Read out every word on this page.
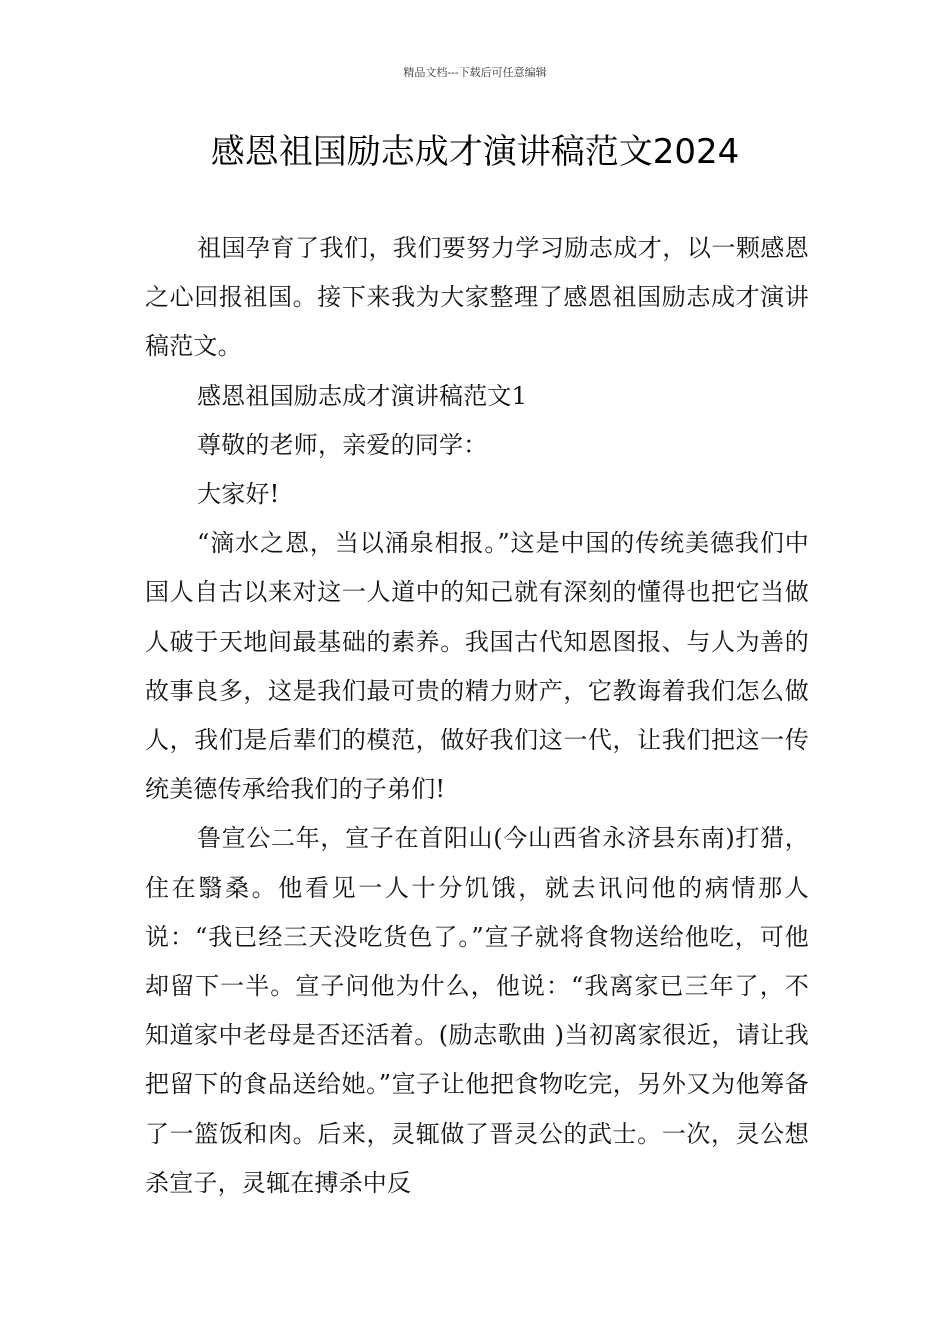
精品文档---下载后可任意编辑
感恩祖国励志成才演讲稿范文2024

祖国孕育了我们，我们要努力学习励志成才，以一颗感恩之心回报祖国。接下来我为大家整理了感恩祖国励志成才演讲稿范文。

感恩祖国励志成才演讲稿范文1

尊敬的老师，亲爱的同学：

大家好!

“滴水之恩，当以涌泉相报。”这是中国的传统美德我们中国人自古以来对这一人道中的知己就有深刻的懂得也把它当做人破于天地间最基础的素养。我国古代知恩图报、与人为善的故事良多，这是我们最可贵的精力财产，它教诲着我们怎么做人，我们是后辈们的模范，做好我们这一代，让我们把这一传统美德传承给我们的子弟们!

鲁宣公二年，宣子在首阳山(今山西省永济县东南)打猎，住在翳桑。他看见一人十分饥饿，就去讯问他的病情那人说：“我已经三天没吃货色了。”宣子就将食物送给他吃，可他却留下一半。宣子问他为什么，他说：“我离家已三年了，不知道家中老母是否还活着。(励志歌曲 )当初离家很近，请让我把留下的食品送给她。”宣子让他把食物吃完，另外又为他筹备了一篮饭和肉。后来，灵辄做了晋灵公的武士。一次，灵公想杀宣子，灵辄在搏杀中反
